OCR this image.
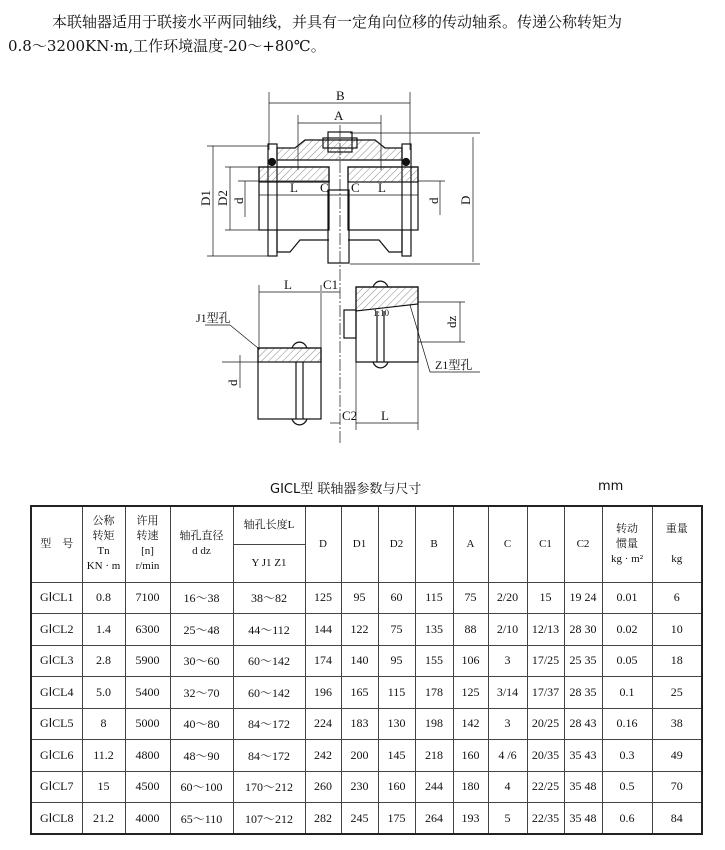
本联轴器适用于联接水平两同轴线，并具有一定角向位移的传动轴系。传递公称转矩为

0.8～3200KN·m,工作环境温度-20～+80℃。

B
A
L C C L
D1 D2 d	d D
L C1
J1型孔	1:10
dz
Z1型孔
d
C2 L
GⅠCL型 联轴器参数与尺寸	mm
型　号	公称
转矩
Tn
KN · m	许用
转速
[n]
r/min	轴孔直径
d dz	轴孔长度L	D	D1	D2	B	A	C	C1	C2	转动
惯量
kg · m²	重量

kg
				Y J1 Z1										
GⅠCL1	0.8	7100	16～38	38～82	125	95	60	115	75	2/20	15	19 24	0.01	6
GⅠCL2	1.4	6300	25～48	44～112	144	122	75	135	88	2/10	12/13	28 30	0.02	10
GⅠCL3	2.8	5900	30～60	60～142	174	140	95	155	106	3	17/25	25 35	0.05	18
GⅠCL4	5.0	5400	32～70	60～142	196	165	115	178	125	3/14	17/37	28 35	0.1	25
GⅠCL5	8	5000	40～80	84～172	224	183	130	198	142	3	20/25	28 43	0.16	38
GⅠCL6	11.2	4800	48～90	84～172	242	200	145	218	160	4 /6	20/35	35 43	0.3	49
GⅠCL7	15	4500	60～100	170～212	260	230	160	244	180	4	22/25	35 48	0.5	70
GⅠCL8	21.2	4000	65～110	107～212	282	245	175	264	193	5	22/35	35 48	0.6	84
